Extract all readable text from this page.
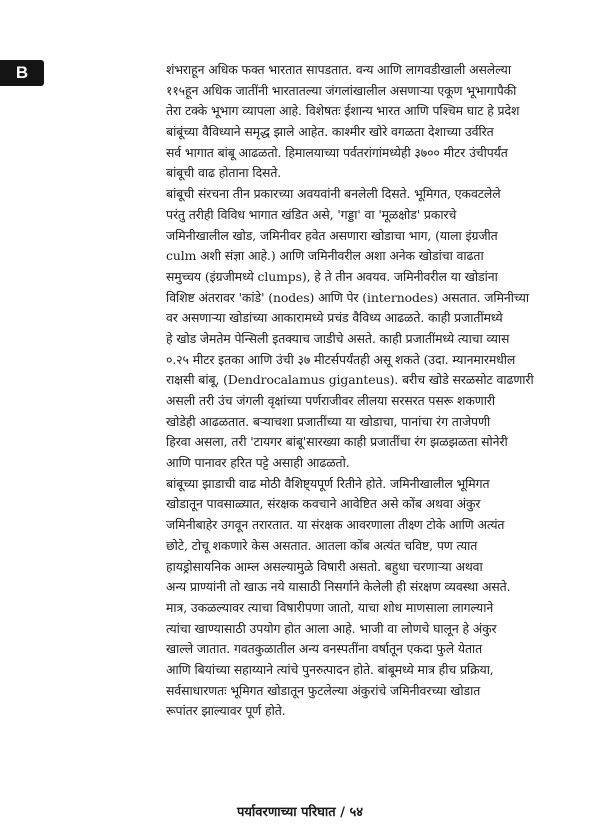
B	शंभराहून अधिक फक्त भारतात सापडतात. वन्य आणि लागवडीखाली असलेल्या
११५हून अधिक जातींनी भारतातल्या जंगलांखालील असणाऱ्या एकूण भूभागापैकी
तेरा टक्के भूभाग व्यापला आहे. विशेषतः ईशान्य भारत आणि पश्चिम घाट हे प्रदेश
बांबूंच्या वैविध्याने समृद्ध झाले आहेत. काश्मीर खोरे वगळता देशाच्या उर्वरित
सर्व भागात बांबू आढळतो. हिमालयाच्या पर्वतरांगांमध्येही ३७०० मीटर उंचीपर्यंत
बांबूची वाढ होताना दिसते.
बांबूची संरचना तीन प्रकारच्या अवयवांनी बनलेली दिसते. भूमिगत, एकवटलेले
परंतु तरीही विविध भागात खंडित असे, 'गड्डा' वा 'मूळक्षोड' प्रकारचे
जमिनीखालील खोड, जमिनीवर हवेत असणारा खोडाचा भाग, (याला इंग्रजीत
culm अशी संज्ञा आहे.) आणि जमिनीवरील अशा अनेक खोडांचा वाढता
समुच्चय (इंग्रजीमध्ये clumps), हे ते तीन अवयव. जमिनीवरील या खोडांना
विशिष्ट अंतरावर 'कांडे' (nodes) आणि पेर (internodes) असतात. जमिनीच्या
वर असणाऱ्या खोडांच्या आकारामध्ये प्रचंड वैविध्य आढळते. काही प्रजातींमध्ये
हे खोड जेमतेम पेन्सिली इतक्याच जाडीचे असते. काही प्रजातींमध्ये त्याचा व्यास
०.२५ मीटर इतका आणि उंची ३७ मीटर्सपर्यंतही असू शकते (उदा. म्यानमारमधील
राक्षसी बांबू, (Dendrocalamus giganteus). बरीच खोडे सरळसोट वाढणारी
असली तरी उंच जंगली वृक्षांच्या पर्णराजीवर लीलया सरसरत पसरू शकणारी
खोडेही आढळतात. बऱ्याचशा प्रजातींच्या या खोडाचा, पानांचा रंग ताजेपणी
हिरवा असला, तरी 'टायगर बांबू'सारख्या काही प्रजातींचा रंग झळझळता सोनेरी
आणि पानावर हरित पट्टे असाही आढळतो.
बांबूच्या झाडाची वाढ मोठी वैशिष्ट्यपूर्ण रितीने होते. जमिनीखालील भूमिगत
खोडातून पावसाळ्यात, संरक्षक कवचाने आवेष्टित असे कोंब अथवा अंकुर
जमिनीबाहेर उगवून तरारतात. या संरक्षक आवरणाला तीक्ष्ण टोके आणि अत्यंत
छोटे, टोचू शकणारे केस असतात. आतला कोंब अत्यंत चविष्ट, पण त्यात
हायड्रोसायनिक आम्ल असल्यामुळे विषारी असतो. बहुधा चरणाऱ्या अथवा
अन्य प्राण्यांनी तो खाऊ नये यासाठी निसर्गाने केलेली ही संरक्षण व्यवस्था असते.
मात्र, उकळल्यावर त्याचा विषारीपणा जातो, याचा शोध माणसाला लागल्याने
त्यांचा खाण्यासाठी उपयोग होत आला आहे. भाजी वा लोणचे घालून हे अंकुर
खाल्ले जातात. गवतकुळातील अन्य वनस्पतींना वर्षातून एकदा फुले येतात
आणि बियांच्या सहाय्याने त्यांचे पुनरुत्पादन होते. बांबूमध्ये मात्र हीच प्रक्रिया,
सर्वसाधारणतः भूमिगत खोडातून फुटलेल्या अंकुरांचे जमिनीवरच्या खोडात
रूपांतर झाल्यावर पूर्ण होते.
पर्यावरणाच्या परिघात / ५४
